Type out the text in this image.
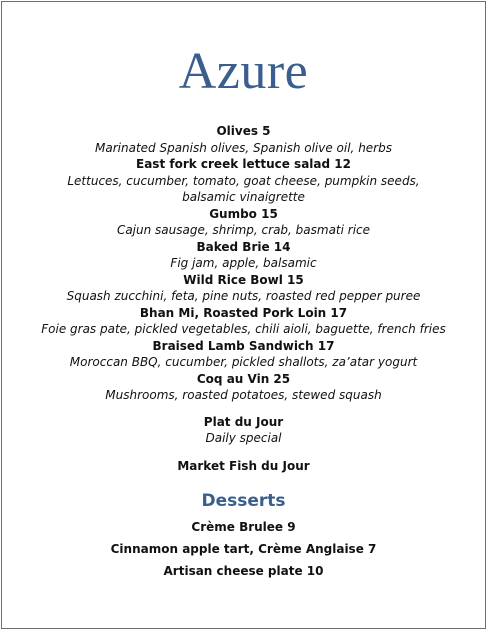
Azure
Olives 5
Marinated Spanish olives, Spanish olive oil, herbs
East fork creek lettuce salad 12
Lettuces, cucumber, tomato, goat cheese, pumpkin seeds, balsamic vinaigrette
Gumbo 15
Cajun sausage, shrimp, crab, basmati rice
Baked Brie 14
Fig jam, apple, balsamic
Wild Rice Bowl 15
Squash zucchini, feta, pine nuts, roasted red pepper puree
Bhan Mi, Roasted Pork Loin 17
Foie gras pate, pickled vegetables, chili aioli, baguette, french fries
Braised Lamb Sandwich 17
Moroccan BBQ, cucumber, pickled shallots, za’atar yogurt
Coq au Vin 25
Mushrooms, roasted potatoes, stewed squash
Plat du Jour
Daily special
Market Fish du Jour
Desserts
Crème Brulee 9
Cinnamon apple tart, Crème Anglaise 7
Artisan cheese plate 10
